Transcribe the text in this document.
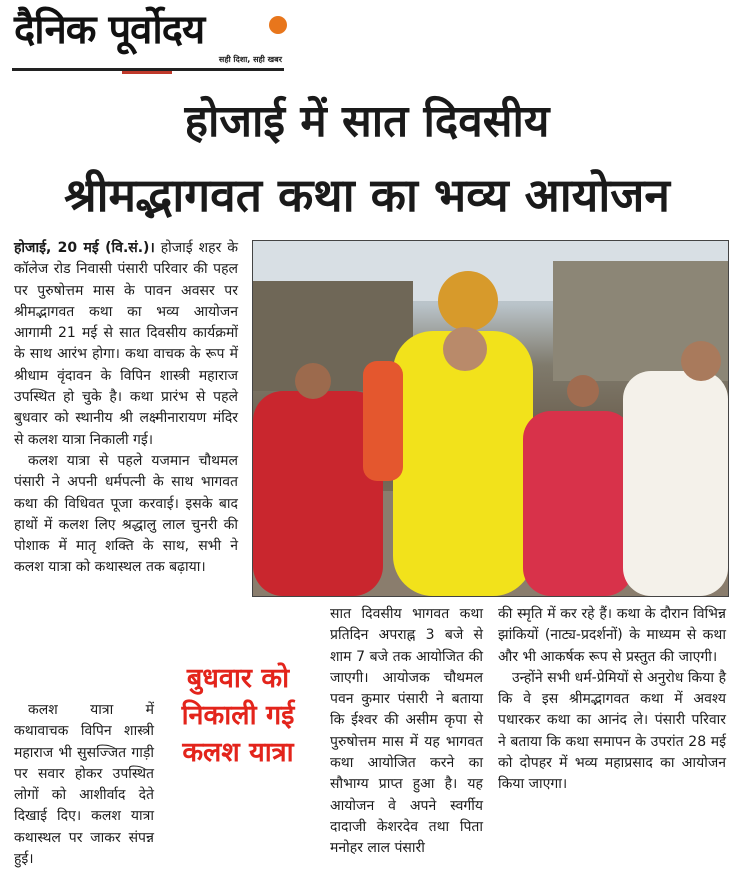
दैनिक पूर्वोदय
सही दिशा, सही खबर
होजाई में सात दिवसीय
श्रीमद्भागवत कथा का भव्य आयोजन

होजाई, 20 मई (वि.सं.)। होजाई शहर के कॉलेज रोड निवासी पंसारी परिवार की पहल पर पुरुषोत्तम मास के पावन अवसर पर श्रीमद्भागवत कथा का भव्य आयोजन आगामी 21 मई से सात दिवसीय कार्यक्रमों के साथ आरंभ होगा। कथा वाचक के रूप में श्रीधाम वृंदावन के विपिन शास्त्री महाराज उपस्थित हो चुके है। कथा प्रारंभ से पहले बुधवार को स्थानीय श्री लक्ष्मीनारायण मंदिर से कलश यात्रा निकाली गई।

कलश यात्रा से पहले यजमान चौथमल पंसारी ने अपनी धर्मपत्नी के साथ भागवत कथा की विधिवत पूजा करवाई। इसके बाद हाथों में कलश लिए श्रद्धालु लाल चुनरी की पोशाक में मातृ शक्ति के साथ, सभी ने कलश यात्रा को कथास्थल तक बढ़ाया।

कलश यात्रा में कथावाचक विपिन शास्त्री महाराज भी सुसज्जित गाड़ी पर सवार होकर उपस्थित लोगों को आशीर्वाद देते दिखाई दिए। कलश यात्रा कथास्थल पर जाकर संपन्न हुई।

सात दिवसीय भागवत कथा प्रतिदिन अपराह्न 3 बजे से शाम 7 बजे तक आयोजित की जाएगी। आयोजक चौथमल पवन कुमार पंसारी ने बताया कि ईश्वर की असीम कृपा से पुरुषोत्तम मास में यह भागवत कथा आयोजित करने का सौभाग्य प्राप्त हुआ है। यह आयोजन वे अपने स्वर्गीय दादाजी केशरदेव तथा पिता मनोहर लाल पंसारी

की स्मृति में कर रहे हैं। कथा के दौरान विभिन्न झांकियों (नाट्य-प्रदर्शनों) के माध्यम से कथा और भी आकर्षक रूप से प्रस्तुत की जाएगी।

उन्होंने सभी धर्म-प्रेमियों से अनुरोध किया है कि वे इस श्रीमद्भागवत कथा में अवश्य पधारकर कथा का आनंद ले। पंसारी परिवार ने बताया कि कथा समापन के उपरांत 28 मई को दोपहर में भव्य महाप्रसाद का आयोजन किया जाएगा।

बुधवार को
निकाली गई
कलश यात्रा
